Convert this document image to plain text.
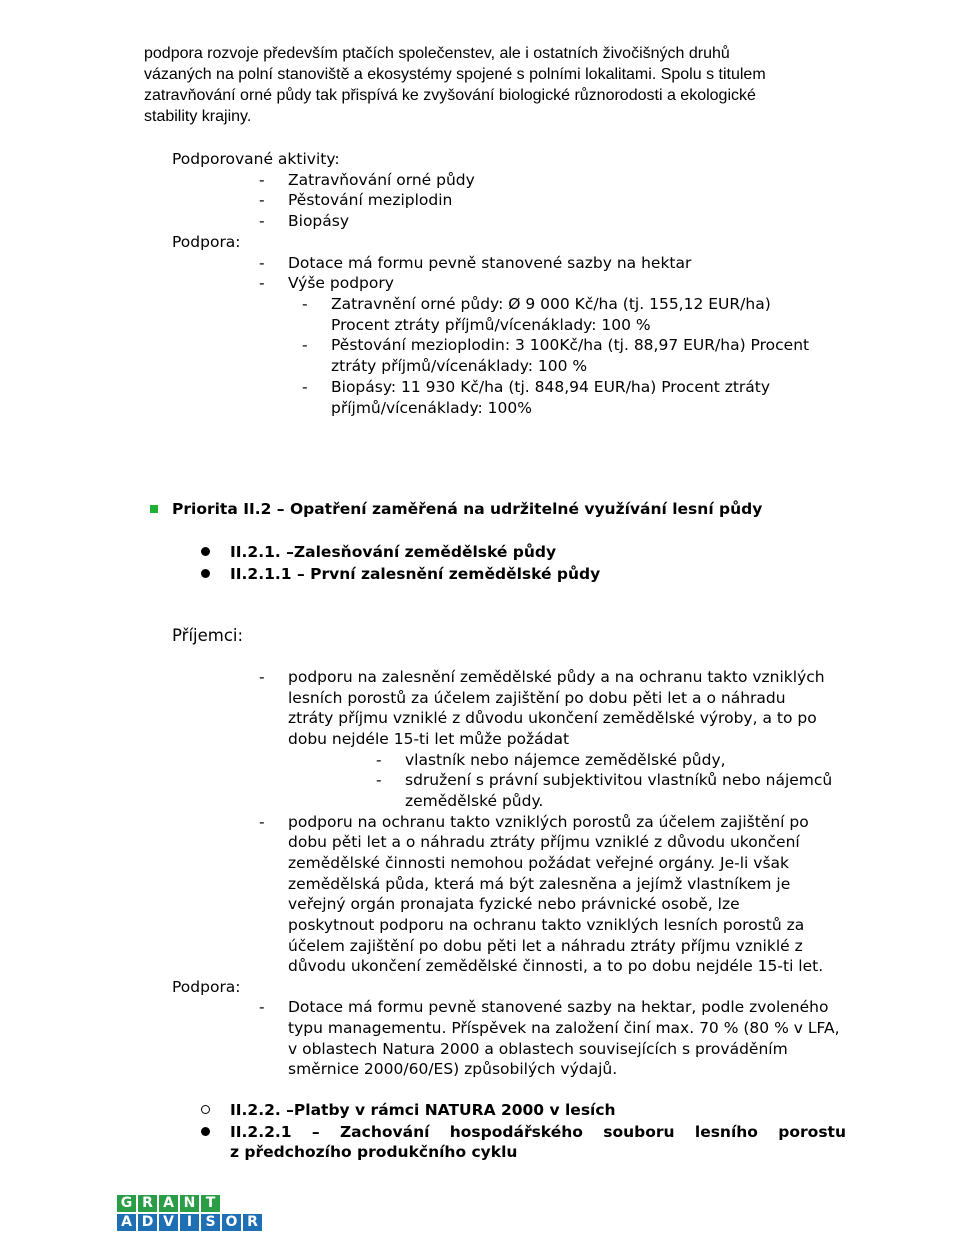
podpora rozvoje především ptačích společenstev, ale i ostatních živočišných druhů
vázaných na polní stanoviště a ekosystémy spojené s polními lokalitami. Spolu s titulem
zatravňování orné půdy tak přispívá ke zvyšování biologické různorodosti a ekologické
stability krajiny.
Podporované aktivity:
- Zatravňování orné půdy
- Pěstování meziplodin
- Biopásy
Podpora:
- Dotace má formu pevně stanovené sazby na hektar
- Výše podpory
- Zatravnění orné půdy: Ø 9 000 Kč/ha (tj. 155,12 EUR/ha)
Procent ztráty příjmů/vícenáklady: 100 %
- Pěstování mezioplodin: 3 100Kč/ha (tj. 88,97 EUR/ha) Procent
ztráty příjmů/vícenáklady: 100 %
- Biopásy: 11 930 Kč/ha (tj. 848,94 EUR/ha) Procent ztráty
příjmů/vícenáklady: 100%
Priorita II.2 – Opatření zaměřená na udržitelné využívání lesní půdy
II.2.1. –Zalesňování zemědělské půdy
II.2.1.1 – První zalesnění zemědělské půdy
Příjemci:
- podporu na zalesnění zemědělské půdy a na ochranu takto vzniklých
lesních porostů za účelem zajištění po dobu pěti let a o náhradu
ztráty příjmu vzniklé z důvodu ukončení zemědělské výroby, a to po
dobu nejdéle 15-ti let může požádat
- vlastník nebo nájemce zemědělské půdy,
- sdružení s právní subjektivitou vlastníků nebo nájemců
zemědělské půdy.
- podporu na ochranu takto vzniklých porostů za účelem zajištění po
dobu pěti let a o náhradu ztráty příjmu vzniklé z důvodu ukončení
zemědělské činnosti nemohou požádat veřejné orgány. Je-li však
zemědělská půda, která má být zalesněna a jejímž vlastníkem je
veřejný orgán pronajata fyzické nebo právnické osobě, lze
poskytnout podporu na ochranu takto vzniklých lesních porostů za
účelem zajištění po dobu pěti let a náhradu ztráty příjmu vzniklé z
důvodu ukončení zemědělské činnosti, a to po dobu nejdéle 15-ti let.
Podpora:
- Dotace má formu pevně stanovené sazby na hektar, podle zvoleného
typu managementu. Příspěvek na založení činí max. 70 % (80 % v LFA,
v oblastech Natura 2000 a oblastech souvisejících s prováděním
směrnice 2000/60/ES) způsobilých výdajů.
II.2.2. –Platby v rámci NATURA 2000 v lesích
II.2.2.1 – Zachování hospodářského souboru lesního porostu
z předchozího produkčního cyklu
G R A N T
A D V I S O R
